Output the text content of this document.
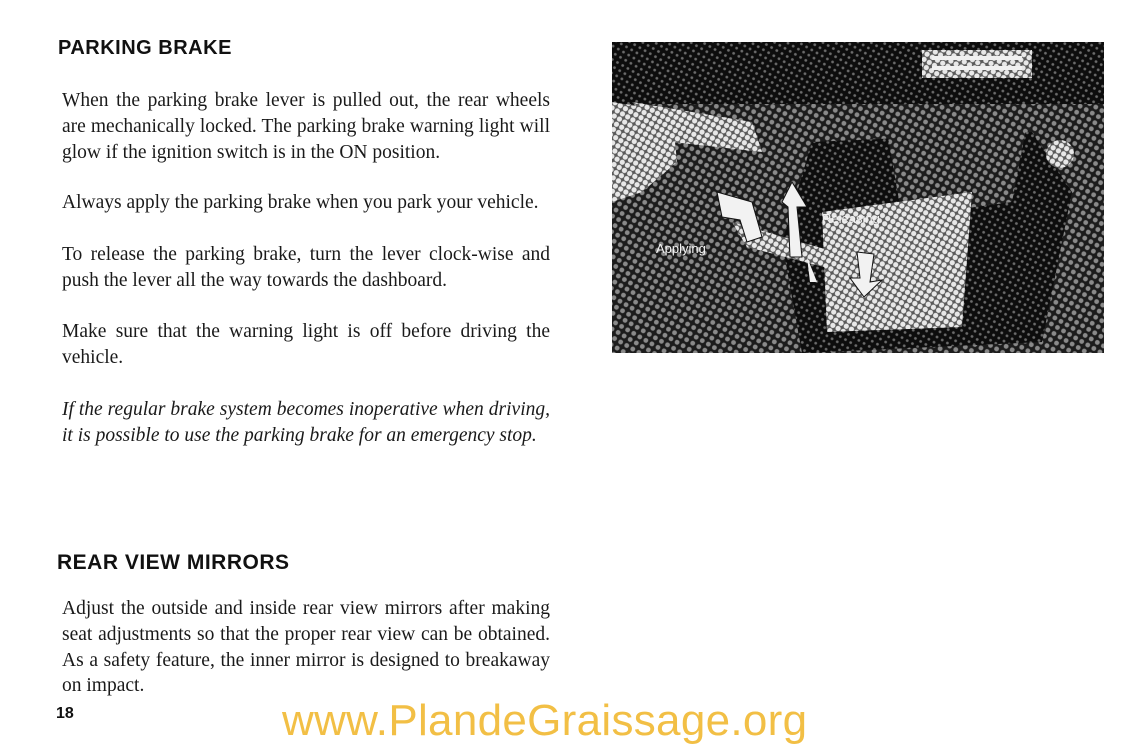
PARKING BRAKE

When the parking brake lever is pulled out, the rear wheels are mechanically locked. The parking brake warning light will glow if the ignition switch is in the ON position.

Always apply the parking brake when you park your vehicle.

To release the parking brake, turn the lever clock-wise and push the lever all the way towards the dashboard.

Make sure that the warning light is off before driving the vehicle.

If the regular brake system becomes inoperative when driving, it is possible to use the parking brake for an emergency stop.

Releasing
Applying
REAR VIEW MIRRORS

Adjust the outside and inside rear view mirrors after making seat adjustments so that the proper rear view can be obtained. As a safety feature, the inner mirror is designed to breakaway on impact.

18	www.PlandeGraissage.org
